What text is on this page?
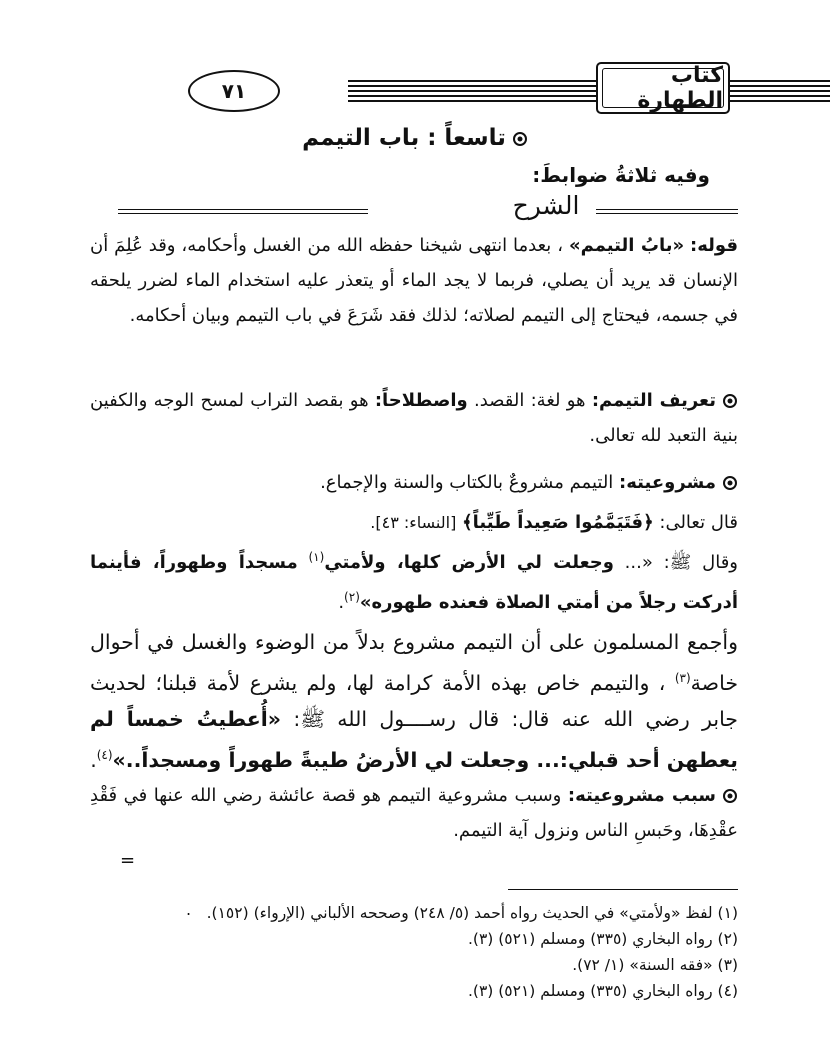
٧١
كتاب الطهارة
تاسعاً : باب التيمم
وفيه ثلاثةُ ضوابطَ:
الشرح
قوله: «بابُ التيمم» ، بعدما انتهى شيخنا حفظه الله من الغسل وأحكامه، وقد عُلِمَ أن الإنسان قد يريد أن يصلي، فربما لا يجد الماء أو يتعذر عليه استخدام الماء لضرر يلحقه في جسمه، فيحتاج إلى التيمم لصلاته؛ لذلك فقد شَرَعَ في باب التيمم وبيان أحكامه.
تعريف التيمم: هو لغة: القصد. واصطلاحاً: هو بقصد التراب لمسح الوجه والكفين بنية التعبد لله تعالى.
مشروعيته: التيمم مشروعٌ بالكتاب والسنة والإجماع.
قال تعالى: ﴿فَتَيَمَّمُوا صَعِيداً طَيِّباً﴾ [النساء: ٤٣].
وقال ﷺ: «... وجعلت لي الأرض كلها، ولأمتي$^{(١)}$ مسجداً وطهوراً، فأينما أدركت رجلاً من أمتي الصلاة فعنده طهوره»$^{(٢)}$.
وأجمع المسلمون على أن التيمم مشروع بدلاً من الوضوء والغسل في أحوال خاصة$^{(٣)}$ ، والتيمم خاص بهذه الأمة كرامة لها، ولم يشرع لأمة قبلنا؛ لحديث جابر رضي الله عنه قال: قال رســــول الله ﷺ: «أُعطيتُ خمساً لم يعطهن أحد قبلي:... وجعلت لي الأرضُ طيبةً طهوراً ومسجداً..»$^{(٤)}$.
سبب مشروعيته: وسبب مشروعية التيمم هو قصة عائشة رضي الله عنها في فَقْدِ عقْدِهَا، وحَبسِ الناس ونزول آية التيمم.
=
(١) لفظ «ولأمتي» في الحديث رواه أحمد (٥/ ٢٤٨) وصححه الألباني (الإرواء) (١٥٢).
(٢) رواه البخاري (٣٣٥) ومسلم (٥٢١) (٣).
(٣) «فقه السنة» (١/ ٧٢).
(٤) رواه البخاري (٣٣٥) ومسلم (٥٢١) (٣).
.
